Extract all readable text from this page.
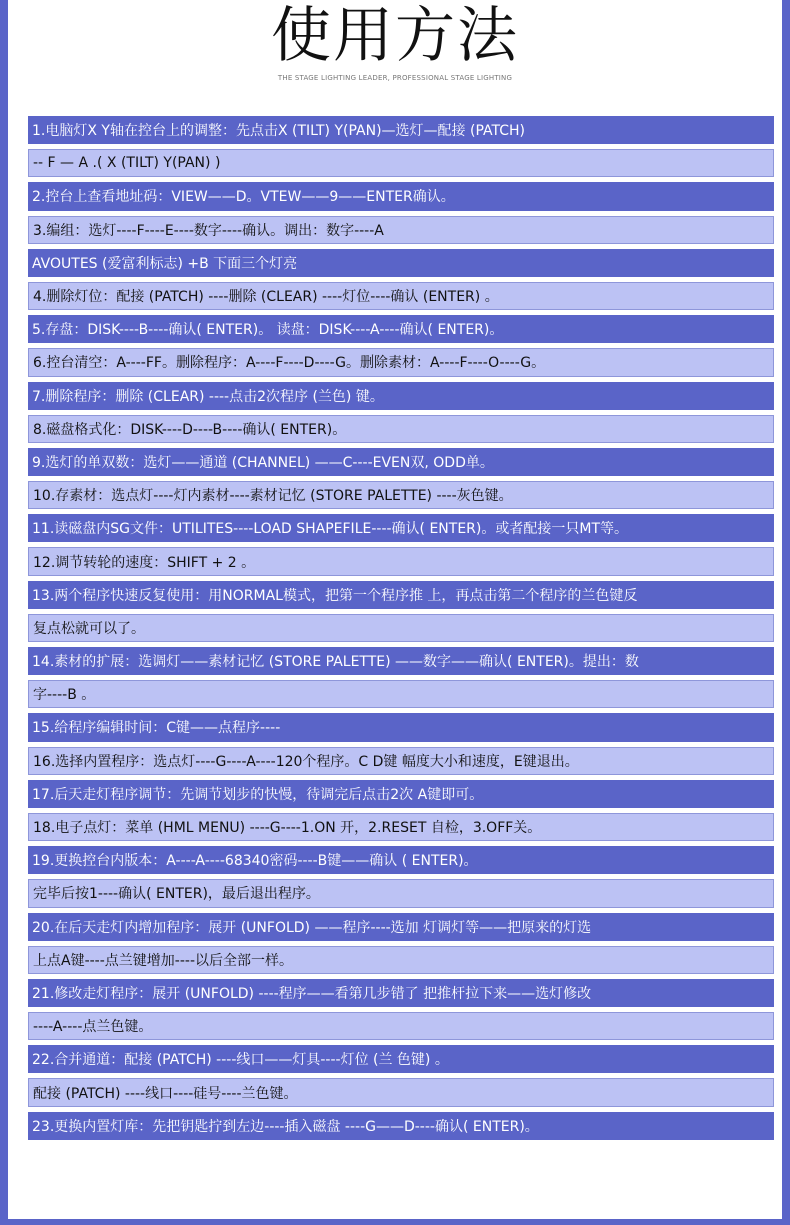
使用方法
THE STAGE LIGHTING LEADER, PROFESSIONAL STAGE LIGHTING
1.电脑灯X Y轴在控台上的调整：先点击X (TILT) Y(PAN)—选灯—配接 (PATCH)
-- F — A .( X (TILT) Y(PAN) )
2.控台上查看地址码：VIEW——D。VTEW——9——ENTER确认。
3.编组：选灯----F----E----数字----确认。调出：数字----A
AVOUTES (爱富利标志) +B 下面三个灯亮
4.删除灯位：配接 (PATCH) ----删除 (CLEAR) ----灯位----确认 (ENTER) 。
5.存盘：DISK----B----确认( ENTER)。 读盘：DISK----A----确认( ENTER)。
6.控台清空：A----FF。删除程序：A----F----D----G。删除素材：A----F----O----G。
7.删除程序：删除 (CLEAR) ----点击2次程序 (兰色) 键。
8.磁盘格式化：DISK----D----B----确认( ENTER)。
9.选灯的单双数：选灯——通道 (CHANNEL) ——C----EVEN双, ODD单。
10.存素材：选点灯----灯内素材----素材记忆 (STORE PALETTE) ----灰色键。
11.读磁盘内SG文件：UTILITES----LOAD SHAPEFILE----确认( ENTER)。或者配接一只MT等。
12.调节转轮的速度：SHIFT + 2 。
13.两个程序快速反复使用：用NORMAL模式，把第一个程序推 上，再点击第二个程序的兰色键反
复点松就可以了。
14.素材的扩展：选调灯——素材记忆 (STORE PALETTE) ——数字——确认( ENTER)。提出：数
字----B 。
15.给程序编辑时间：C键——点程序----
16.选择内置程序：选点灯----G----A----120个程序。C D键 幅度大小和速度，E键退出。
17.后天走灯程序调节：先调节划步的快慢，待调完后点击2次 A键即可。
18.电子点灯：菜单 (HML MENU) ----G----1.ON 开，2.RESET 自检，3.OFF关。
19.更换控台内版本：A----A----68340密码----B键——确认 ( ENTER)。
完毕后按1----确认( ENTER)，最后退出程序。
20.在后天走灯内增加程序：展开 (UNFOLD) ——程序----选加 灯调灯等——把原来的灯选
上点A键----点兰键增加----以后全部一样。
21.修改走灯程序：展开 (UNFOLD) ----程序——看第几步错了 把推杆拉下来——选灯修改
----A----点兰色键。
22.合并通道：配接 (PATCH) ----线口——灯具----灯位 (兰 色键) 。
配接 (PATCH) ----线口----硅号----兰色键。
23.更换内置灯库：先把钥匙拧到左边----插入磁盘 ----G——D----确认( ENTER)。
